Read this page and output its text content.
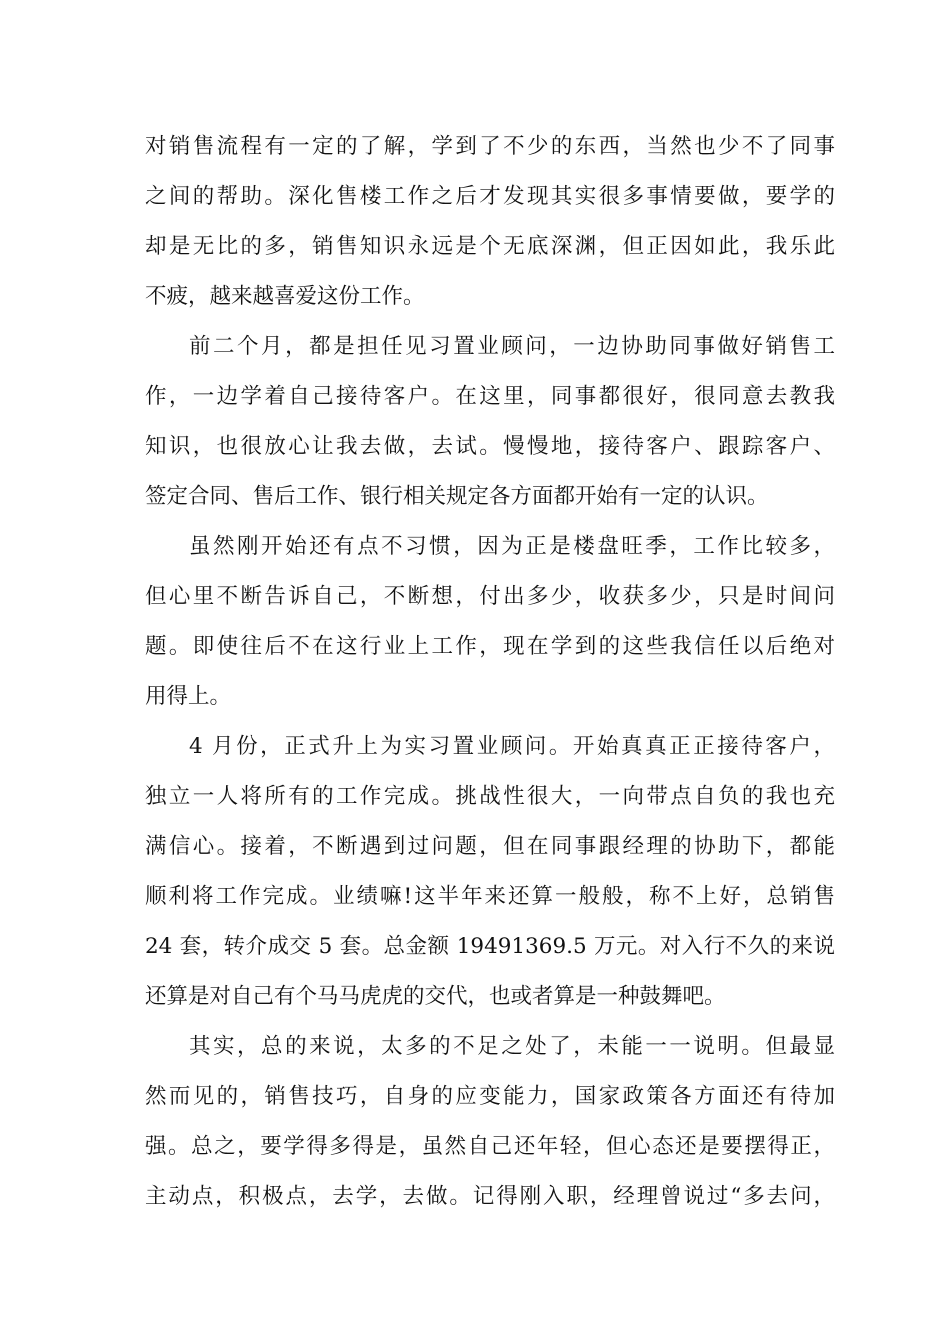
对销售流程有一定的了解，学到了不少的东西，当然也少不了同事
之间的帮助。深化售楼工作之后才发现其实很多事情要做，要学的
却是无比的多，销售知识永远是个无底深渊，但正因如此，我乐此
不疲，越来越喜爱这份工作。
前二个月，都是担任见习置业顾问，一边协助同事做好销售工
作，一边学着自己接待客户。在这里，同事都很好，很同意去教我
知识，也很放心让我去做，去试。慢慢地，接待客户、跟踪客户、
签定合同、售后工作、银行相关规定各方面都开始有一定的认识。
虽然刚开始还有点不习惯，因为正是楼盘旺季，工作比较多，
但心里不断告诉自己，不断想，付出多少，收获多少，只是时间问
题。即使往后不在这行业上工作，现在学到的这些我信任以后绝对
用得上。
4 月份，正式升上为实习置业顾问。开始真真正正接待客户，
独立一人将所有的工作完成。挑战性很大，一向带点自负的我也充
满信心。接着，不断遇到过问题，但在同事跟经理的协助下，都能
顺利将工作完成。业绩嘛!这半年来还算一般般，称不上好，总销售
24 套，转介成交 5 套。总金额 19491369.5 万元。对入行不久的来说
还算是对自己有个马马虎虎的交代，也或者算是一种鼓舞吧。
其实，总的来说，太多的不足之处了，未能一一说明。但最显
然而见的，销售技巧，自身的应变能力，国家政策各方面还有待加
强。总之，要学得多得是，虽然自己还年轻，但心态还是要摆得正，
主动点，积极点，去学，去做。记得刚入职，经理曾说过“多去问，
